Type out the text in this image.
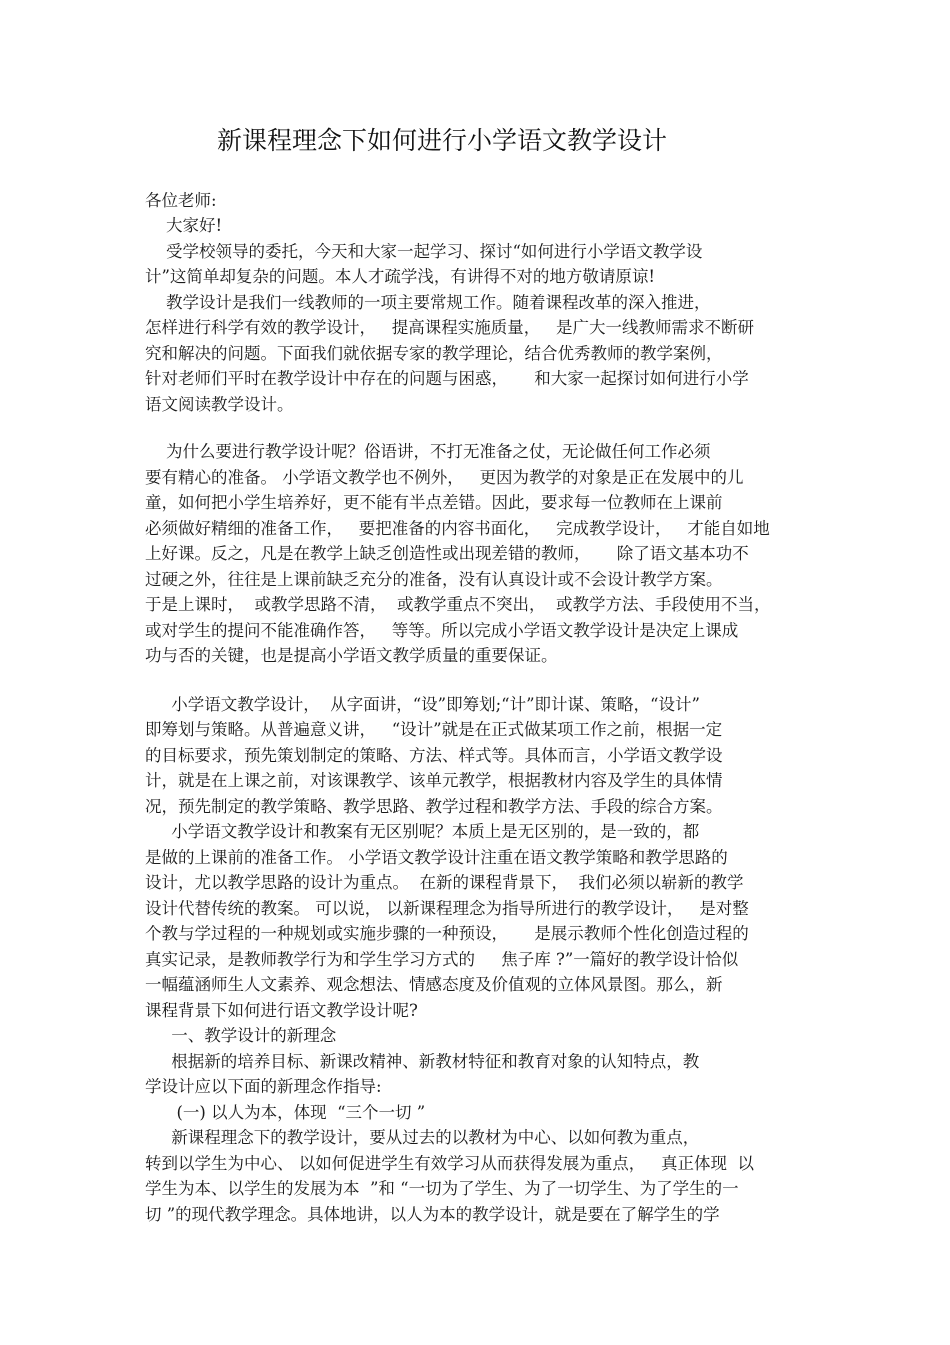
新课程理念下如何进行小学语文教学设计
各位老师:
大家好!
受学校领导的委托，今天和大家一起学习、探讨“如何进行小学语文教学设
计”这简单却复杂的问题。本人才疏学浅，有讲得不对的地方敬请原谅!
教学设计是我们一线教师的一项主要常规工作。随着课程改革的深入推进，
怎样进行科学有效的教学设计，   提高课程实施质量，   是广大一线教师需求不断研
究和解决的问题。下面我们就依据专家的教学理论，结合优秀教师的教学案例，
针对老师们平时在教学设计中存在的问题与困惑，     和大家一起探讨如何进行小学
语文阅读教学设计。
为什么要进行教学设计呢？俗语讲，不打无准备之仗，无论做任何工作必须
要有精心的准备。 小学语文教学也不例外，   更因为教学的对象是正在发展中的儿
童，如何把小学生培养好，更不能有半点差错。因此，要求每一位教师在上课前
必须做好精细的准备工作，   要把准备的内容书面化，   完成教学设计，   才能自如地
上好课。反之，凡是在教学上缺乏创造性或出现差错的教师，     除了语文基本功不
过硬之外，往往是上课前缺乏充分的准备，没有认真设计或不会设计教学方案。
于是上课时，  或教学思路不清，  或教学重点不突出，  或教学方法、手段使用不当，
或对学生的提问不能准确作答，   等等。所以完成小学语文教学设计是决定上课成
功与否的关键，也是提高小学语文教学质量的重要保证。
小学语文教学设计，  从字面讲，“设”即筹划;“计”即计谋、策略，“设计”
即筹划与策略。从普遍意义讲，   “设计”就是在正式做某项工作之前，根据一定
的目标要求，预先策划制定的策略、方法、样式等。具体而言，小学语文教学设
计，就是在上课之前，对该课教学、该单元教学，根据教材内容及学生的具体情
况，预先制定的教学策略、教学思路、教学过程和教学方法、手段的综合方案。
小学语文教学设计和教案有无区别呢？本质上是无区别的，是一致的，都
是做的上课前的准备工作。 小学语文教学设计注重在语文教学策略和教学思路的
设计，尤以教学思路的设计为重点。  在新的课程背景下，  我们必须以崭新的教学
设计代替传统的教案。 可以说， 以新课程理念为指导所进行的教学设计，   是对整
个教与学过程的一种规划或实施步骤的一种预设，     是展示教师个性化创造过程的
真实记录，是教师教学行为和学生学习方式的     焦子库 ?”一篇好的教学设计恰似
一幅蕴涵师生人文素养、观念想法、情感态度及价值观的立体风景图。那么，新
课程背景下如何进行语文教学设计呢?
一、教学设计的新理念
根据新的培养目标、新课改精神、新教材特征和教育对象的认知特点，教
学设计应以下面的新理念作指导:
(一) 以人为本，体现  “三个一切 ”
新课程理念下的教学设计，要从过去的以教材为中心、以如何教为重点，
转到以学生为中心、 以如何促进学生有效学习从而获得发展为重点，   真正体现  以
学生为本、以学生的发展为本  ”和 “一切为了学生、为了一切学生、为了学生的一
切 ”的现代教学理念。具体地讲，以人为本的教学设计，就是要在了解学生的学
